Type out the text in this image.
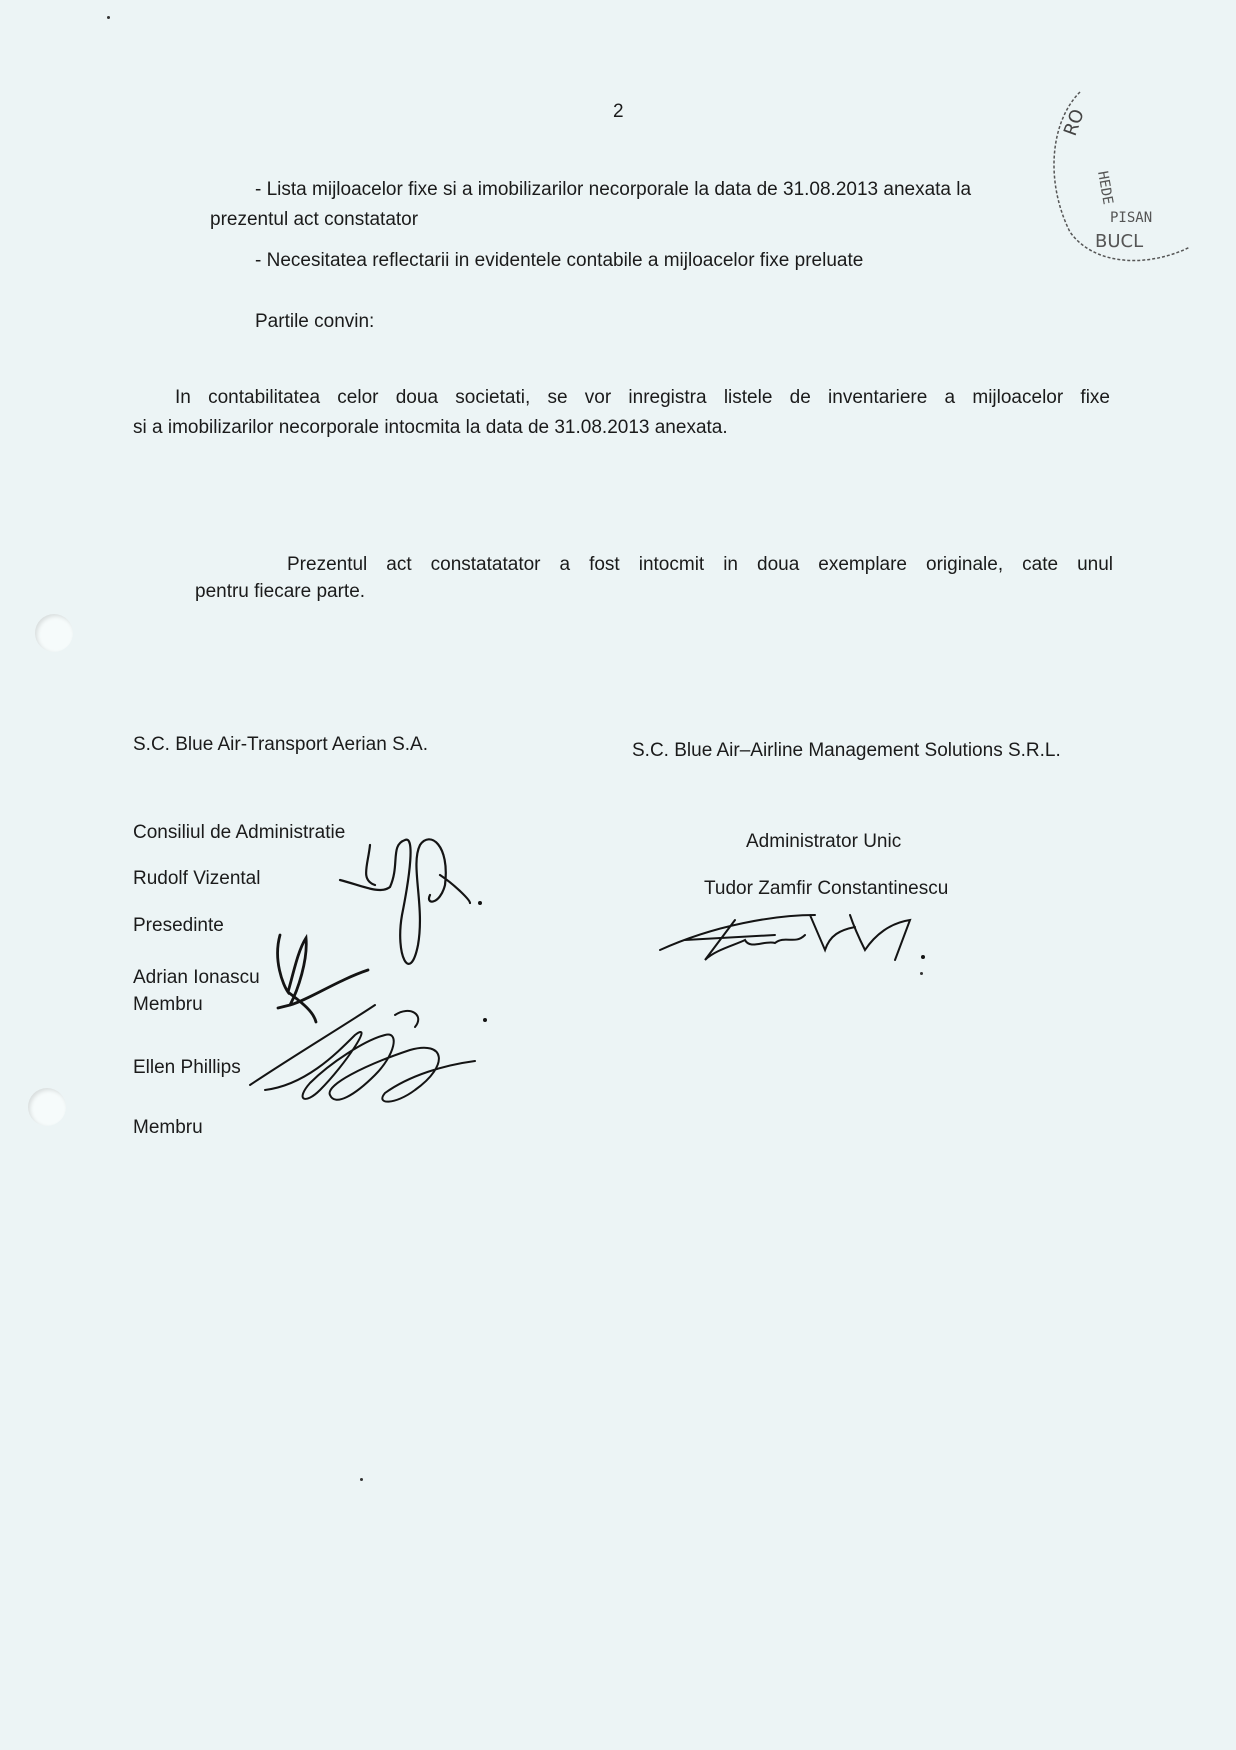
2
- Lista mijloacelor fixe si a imobilizarilor necorporale la data de 31.08.2013 anexata la
prezentul act constatator
- Necesitatea reflectarii in evidentele contabile a mijloacelor fixe preluate
Partile convin:
In contabilitatea celor doua societati, se vor inregistra listele de inventariere a mijloacelor fixe
si a imobilizarilor necorporale intocmita la data de 31.08.2013 anexata.
Prezentul act constatatator a fost intocmit in doua exemplare originale, cate unul
pentru fiecare parte.
S.C. Blue Air-Transport Aerian S.A.
Consiliul de Administratie
Rudolf Vizental
Presedinte
Adrian Ionascu
Membru
Ellen Phillips
Membru
S.C. Blue Air–Airline Management Solutions S.R.L.
Administrator Unic
Tudor Zamfir Constantinescu
RO
HEDE
PISAN
BUCL
